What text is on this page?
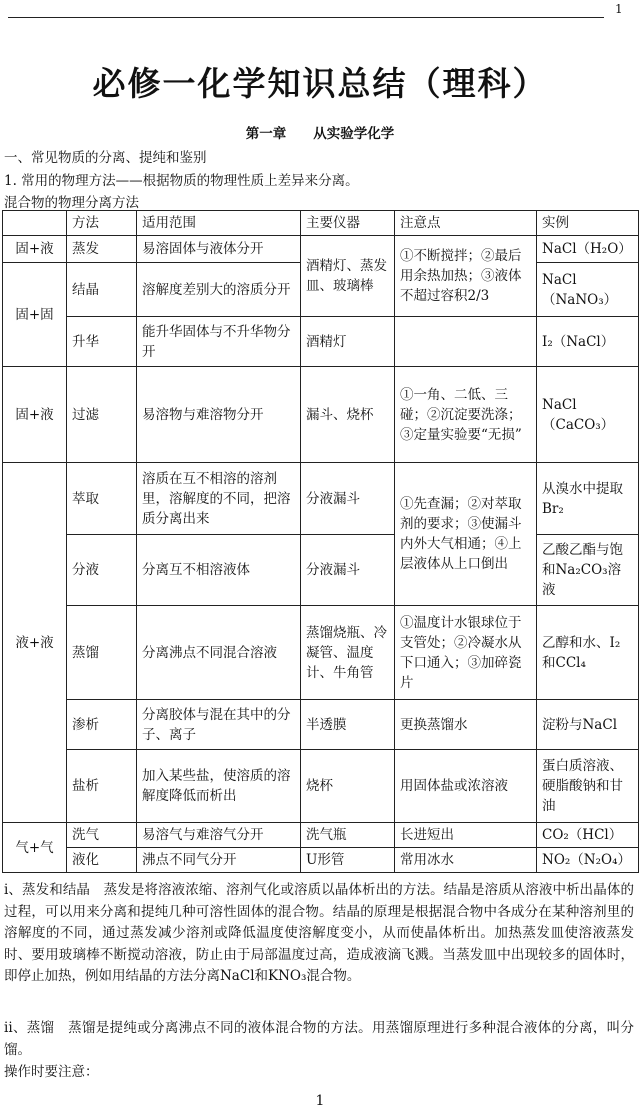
1
必修一化学知识总结（理科）
第一章　　从实验学化学
一、常见物质的分离、提纯和鉴别
1. 常用的物理方法——根据物质的物理性质上差异来分离。
混合物的物理分离方法
	方法	适用范围	主要仪器	注意点	实例
固+液	蒸发	易溶固体与液体分开	酒精灯、蒸发皿、玻璃棒	①不断搅拌；②最后用余热加热；③液体不超过容积2/3	NaCl（H₂O）
固+固	结晶	溶解度差别大的溶质分开			NaCl（NaNO₃）
	升华	能升华固体与不升华物分开	酒精灯		I₂（NaCl）
固+液	过滤	易溶物与难溶物分开	漏斗、烧杯	①一角、二低、三碰；②沉淀要洗涤；③定量实验要“无损”	NaCl（CaCO₃）
液+液	萃取	溶质在互不相溶的溶剂里，溶解度的不同，把溶质分离出来	分液漏斗	①先查漏；②对萃取剂的要求；③使漏斗内外大气相通；④上层液体从上口倒出	从溴水中提取Br₂
	分液	分离互不相溶液体	分液漏斗		乙酸乙酯与饱和Na₂CO₃溶液
	蒸馏	分离沸点不同混合溶液	蒸馏烧瓶、冷凝管、温度计、牛角管	①温度计水银球位于支管处；②冷凝水从下口通入；③加碎瓷片	乙醇和水、I₂和CCl₄
	渗析	分离胶体与混在其中的分子、离子	半透膜	更换蒸馏水	淀粉与NaCl
	盐析	加入某些盐，使溶质的溶解度降低而析出	烧杯	用固体盐或浓溶液	蛋白质溶液、硬脂酸钠和甘油
气+气	洗气	易溶气与难溶气分开	洗气瓶	长进短出	CO₂（HCl）
	液化	沸点不同气分开	U形管	常用冰水	NO₂（N₂O₄）
i、蒸发和结晶　蒸发是将溶液浓缩、溶剂气化或溶质以晶体析出的方法。结晶是溶质从溶液中析出晶体的过程，可以用来分离和提纯几种可溶性固体的混合物。结晶的原理是根据混合物中各成分在某种溶剂里的溶解度的不同，通过蒸发减少溶剂或降低温度使溶解度变小，从而使晶体析出。加热蒸发皿使溶液蒸发时、要用玻璃棒不断搅动溶液，防止由于局部温度过高，造成液滴飞溅。当蒸发皿中出现较多的固体时，即停止加热，例如用结晶的方法分离NaCl和KNO₃混合物。
ii、蒸馏　蒸馏是提纯或分离沸点不同的液体混合物的方法。用蒸馏原理进行多种混合液体的分离，叫分馏。
操作时要注意：
1
